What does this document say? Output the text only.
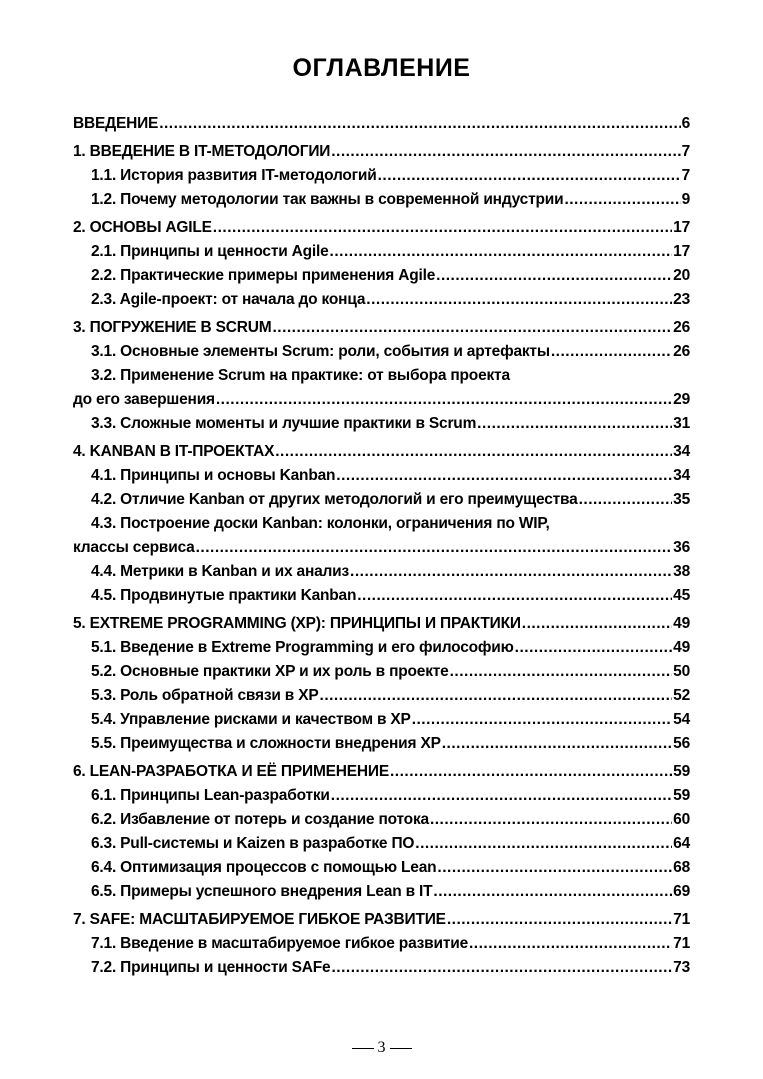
ОГЛАВЛЕНИЕ
ВВЕДЕНИЕ .....	6
1. ВВЕДЕНИЕ В IT-МЕТОДОЛОГИИ .....	7
1.1. История развития IT-методологий .....	7
1.2. Почему методологии так важны в современной индустрии .....	9
2. ОСНОВЫ AGILE .....	17
2.1. Принципы и ценности Agile .....	17
2.2. Практические примеры применения Agile .....	20
2.3. Agile-проект: от начала до конца .....	23
3. ПОГРУЖЕНИЕ В SCRUM .....	26
3.1. Основные элементы Scrum: роли, события и артефакты .....	26
3.2. Применение Scrum на практике: от выбора проекта
до его завершения .....	29
3.3. Сложные моменты и лучшие практики в Scrum .....	31
4. KANBAN В IT-ПРОЕКТАХ .....	34
4.1. Принципы и основы Kanban .....	34
4.2. Отличие Kanban от других методологий и его преимущества .....	35
4.3. Построение доски Kanban: колонки, ограничения по WIP,
классы сервиса .....	36
4.4. Метрики в Kanban и их анализ .....	38
4.5. Продвинутые практики Kanban .....	45
5. EXTREME PROGRAMMING (XP): ПРИНЦИПЫ И ПРАКТИКИ .....	49
5.1. Введение в Extreme Programming и его философию .....	49
5.2. Основные практики XP и их роль в проекте .....	50
5.3. Роль обратной связи в XP .....	52
5.4. Управление рисками и качеством в XP .....	54
5.5. Преимущества и сложности внедрения XP .....	56
6. LEAN-РАЗРАБОТКА И ЕЁ ПРИМЕНЕНИЕ .....	59
6.1. Принципы Lean-разработки .....	59
6.2. Избавление от потерь и создание потока .....	60
6.3. Pull-системы и Kaizen в разработке ПО .....	64
6.4. Оптимизация процессов с помощью Lean .....	68
6.5. Примеры успешного внедрения Lean в IT .....	69
7. SAFE: МАСШТАБИРУЕМОЕ ГИБКОЕ РАЗВИТИЕ .....	71
7.1. Введение в масштабируемое гибкое развитие .....	71
7.2. Принципы и ценности SAFe .....	73
3
